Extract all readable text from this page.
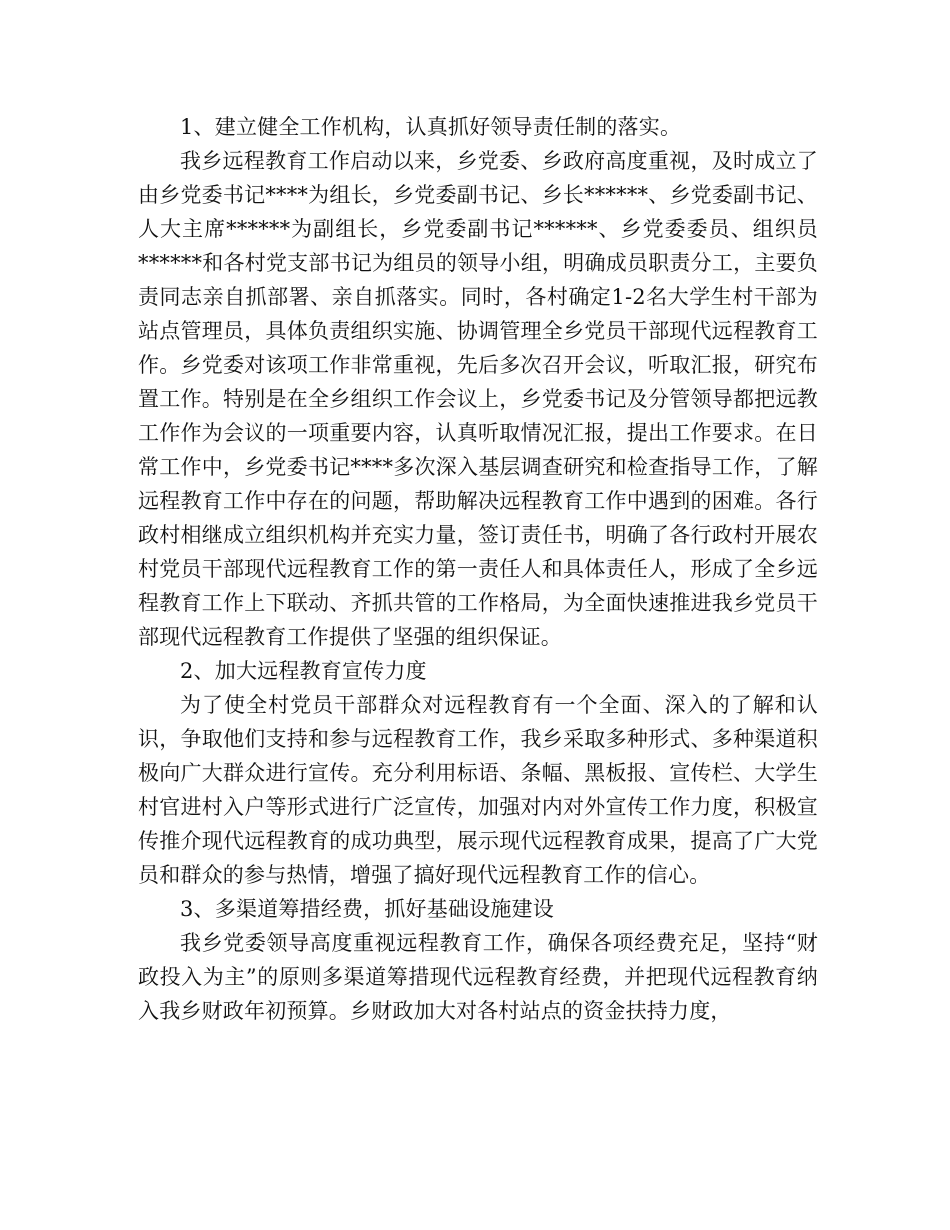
1、建立健全工作机构，认真抓好领导责任制的落实。

我乡远程教育工作启动以来，乡党委、乡政府高度重视，及时成立了由乡党委书记****为组长，乡党委副书记、乡长******、乡党委副书记、人大主席******为副组长，乡党委副书记******、乡党委委员、组织员******和各村党支部书记为组员的领导小组，明确成员职责分工，主要负责同志亲自抓部署、亲自抓落实。同时，各村确定1-2名大学生村干部为站点管理员，具体负责组织实施、协调管理全乡党员干部现代远程教育工作。乡党委对该项工作非常重视，先后多次召开会议，听取汇报，研究布置工作。特别是在全乡组织工作会议上，乡党委书记及分管领导都把远教工作作为会议的一项重要内容，认真听取情况汇报，提出工作要求。在日常工作中，乡党委书记****多次深入基层调查研究和检查指导工作，了解远程教育工作中存在的问题，帮助解决远程教育工作中遇到的困难。各行政村相继成立组织机构并充实力量，签订责任书，明确了各行政村开展农村党员干部现代远程教育工作的第一责任人和具体责任人，形成了全乡远程教育工作上下联动、齐抓共管的工作格局，为全面快速推进我乡党员干部现代远程教育工作提供了坚强的组织保证。

2、加大远程教育宣传力度

为了使全村党员干部群众对远程教育有一个全面、深入的了解和认识，争取他们支持和参与远程教育工作，我乡采取多种形式、多种渠道积极向广大群众进行宣传。充分利用标语、条幅、黑板报、宣传栏、大学生村官进村入户等形式进行广泛宣传，加强对内对外宣传工作力度，积极宣传推介现代远程教育的成功典型，展示现代远程教育成果，提高了广大党员和群众的参与热情，增强了搞好现代远程教育工作的信心。

3、多渠道筹措经费，抓好基础设施建设

我乡党委领导高度重视远程教育工作，确保各项经费充足，坚持“财政投入为主”的原则多渠道筹措现代远程教育经费，并把现代远程教育纳入我乡财政年初预算。乡财政加大对各村站点的资金扶持力度，
